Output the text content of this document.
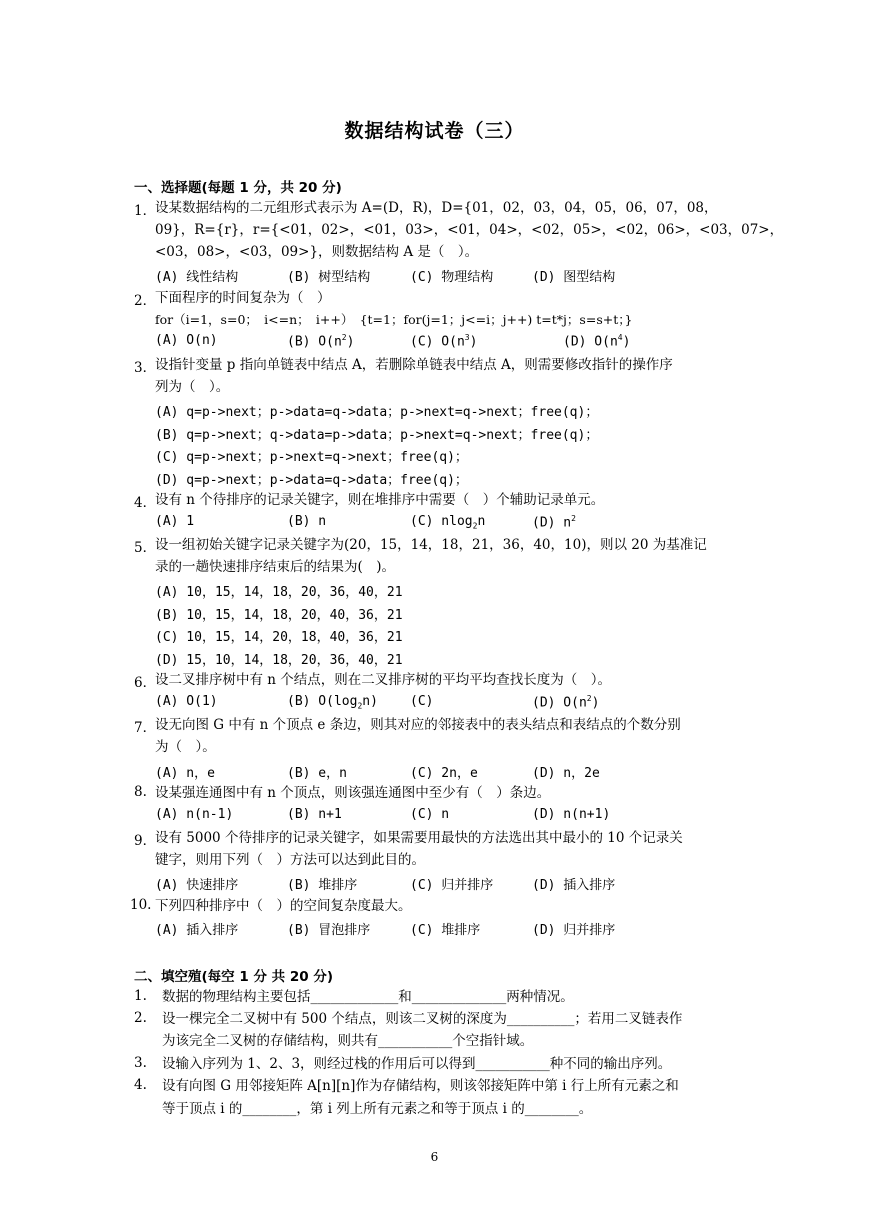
数据结构试卷（三）
一、选择题(每题 1 分，共 20 分)
1．
设某数据结构的二元组形式表示为 A=(D，R)，D={01，02，03，04，05，06，07，08，
09}，R={r}，r={<01，02>，<01，03>，<01，04>，<02，05>，<02，06>，<03，07>，
<03，08>，<03，09>}，则数据结构 A 是（　）。
(A) 线性结构	(B) 树型结构	(C) 物理结构	(D) 图型结构
2．
下面程序的时间复杂为（　）
for（i=1，s=0；　i<=n；　i++）　{t=1；for(j=1；j<=i；j++) t=t*j；s=s+t；}
(A) O(n)	(B) $O(n^2)$	(C) $O(n^3)$	(D) $O(n^4)$
3．
设指针变量 p 指向单链表中结点 A，若删除单链表中结点 A，则需要修改指针的操作序
列为（　）。
(A) q=p->next；p->data=q->data；p->next=q->next；free(q)；
(B) q=p->next；q->data=p->data；p->next=q->next；free(q)；
(C) q=p->next；p->next=q->next；free(q)；
(D) q=p->next；p->data=q->data；free(q)；
4．
设有 n 个待排序的记录关键字，则在堆排序中需要（　）个辅助记录单元。
(A) 1	(B) n	(C) nlog$_2$n	(D) $n^2$
5．
设一组初始关键字记录关键字为(20，15，14，18，21，36，40，10)，则以 20 为基准记
录的一趟快速排序结束后的结果为(　)。
(A) 10，15，14，18，20，36，40，21
(B) 10，15，14，18，20，40，36，21
(C) 10，15，14，20，18，40，36，21
(D) 15，10，14，18，20，36，40，21
6．
设二叉排序树中有 n 个结点，则在二叉排序树的平均平均查找长度为（　）。
(A) O(1)	(B) $O(\log_2n)$ (C)	(D) $O(n^2)$
7．
设无向图 G 中有 n 个顶点 e 条边，则其对应的邻接表中的表头结点和表结点的个数分别
为（　）。
(A) n，e	(B) e，n	(C) 2n，e	(D) n，2e
8. 设某强连通图中有 n 个顶点，则该强连通图中至少有（　）条边。
(A) n(n-1)	(B) n+1	(C) n	(D) n(n+1)
9．
设有 5000 个待排序的记录关键字，如果需要用最快的方法选出其中最小的 10 个记录关
键字，则用下列（　）方法可以达到此目的。
(A) 快速排序	(B) 堆排序	(C) 归并排序	(D) 插入排序
10. 下列四种排序中（　）的空间复杂度最大。
(A) 插入排序	(B) 冒泡排序	(C) 堆排序	(D) 归并排序
二、填空殖(每空 1 分 共 20 分)
1. 数据的物理结构主要包括_____________和______________两种情况。
2. 设一棵完全二叉树中有 500 个结点，则该二叉树的深度为__________；若用二叉链表作
为该完全二叉树的存储结构，则共有___________个空指针域。
3. 设输入序列为 1、2、3，则经过栈的作用后可以得到___________种不同的输出序列。
4. 设有向图 G 用邻接矩阵 A[n][n]作为存储结构，则该邻接矩阵中第 i 行上所有元素之和
等于顶点 i 的________，第 i 列上所有元素之和等于顶点 i 的________。
6
